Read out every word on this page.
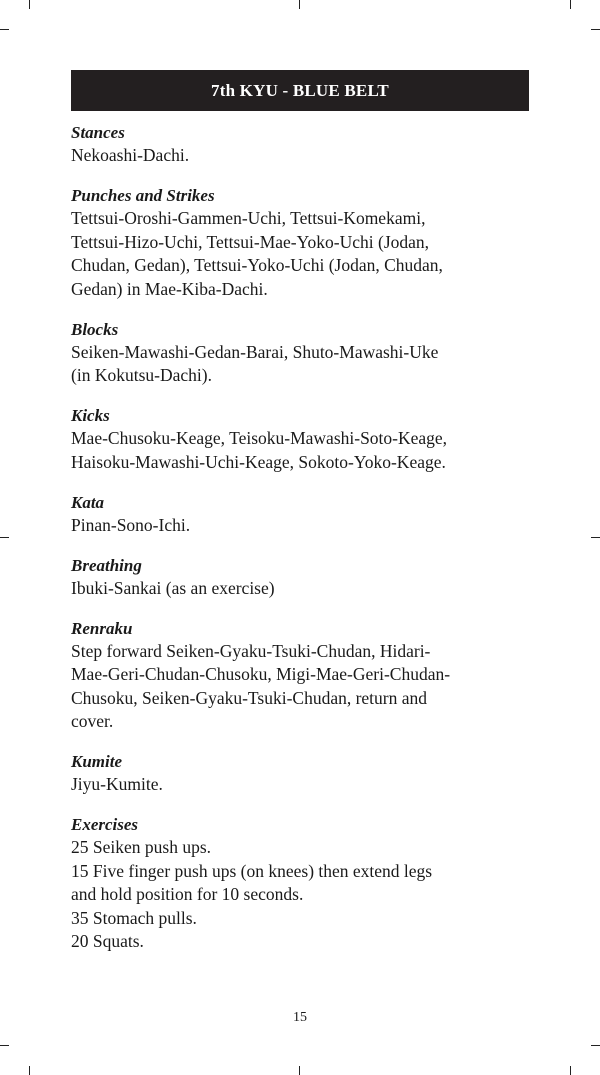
7th KYU - BLUE BELT
Stances
Nekoashi-Dachi.
Punches and Strikes
Tettsui-Oroshi-Gammen-Uchi, Tettsui-Komekami,
Tettsui-Hizo-Uchi, Tettsui-Mae-Yoko-Uchi (Jodan,
Chudan, Gedan), Tettsui-Yoko-Uchi (Jodan, Chudan,
Gedan) in Mae-Kiba-Dachi.
Blocks
Seiken-Mawashi-Gedan-Barai, Shuto-Mawashi-Uke
(in Kokutsu-Dachi).
Kicks
Mae-Chusoku-Keage, Teisoku-Mawashi-Soto-Keage,
Haisoku-Mawashi-Uchi-Keage, Sokoto-Yoko-Keage.
Kata
Pinan-Sono-Ichi.
Breathing
Ibuki-Sankai (as an exercise)
Renraku
Step forward Seiken-Gyaku-Tsuki-Chudan, Hidari-
Mae-Geri-Chudan-Chusoku, Migi-Mae-Geri-Chudan-
Chusoku, Seiken-Gyaku-Tsuki-Chudan, return and
cover.
Kumite
Jiyu-Kumite.
Exercises
25 Seiken push ups.
15 Five finger push ups (on knees) then extend legs
and hold position for 10 seconds.
35 Stomach pulls.
20 Squats.
15
